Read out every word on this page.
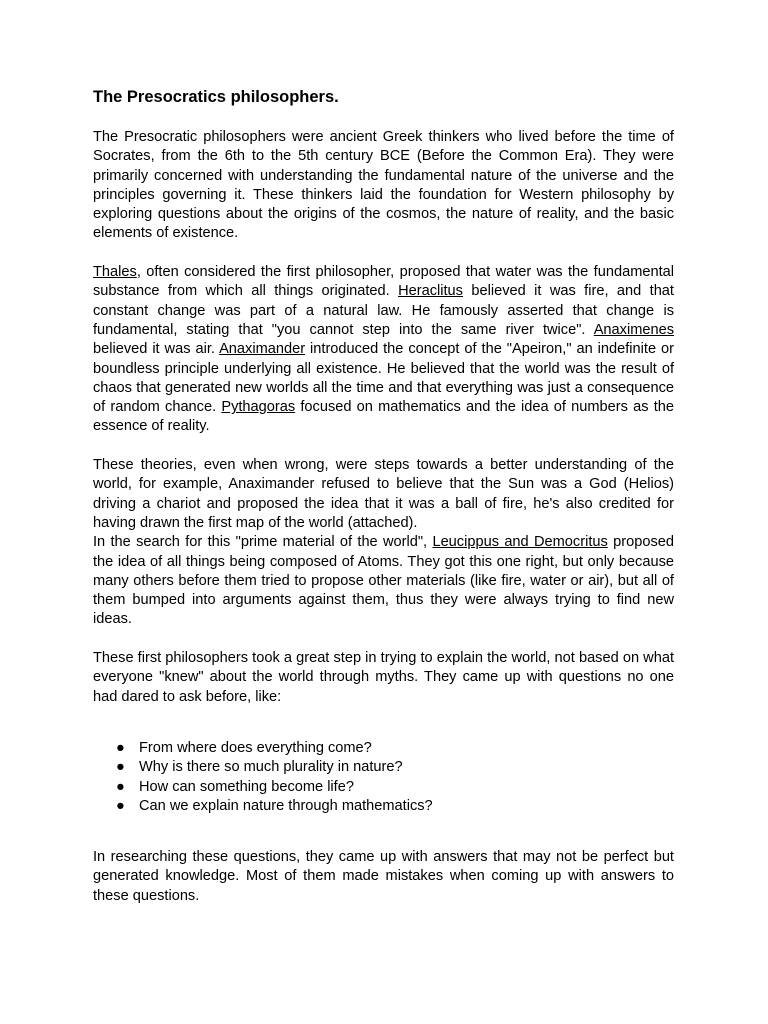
The Presocratics philosophers.

The Presocratic philosophers were ancient Greek thinkers who lived before the time of Socrates, from the 6th to the 5th century BCE (Before the Common Era). They were primarily concerned with understanding the fundamental nature of the universe and the principles governing it. These thinkers laid the foundation for Western philosophy by exploring questions about the origins of the cosmos, the nature of reality, and the basic elements of existence.

Thales, often considered the first philosopher, proposed that water was the fundamental substance from which all things originated. Heraclitus believed it was fire, and that constant change was part of a natural law. He famously asserted that change is fundamental, stating that "you cannot step into the same river twice". Anaximenes believed it was air. Anaximander introduced the concept of the "Apeiron," an indefinite or boundless principle underlying all existence. He believed that the world was the result of chaos that generated new worlds all the time and that everything was just a consequence of random chance. Pythagoras focused on mathematics and the idea of numbers as the essence of reality.

These theories, even when wrong, were steps towards a better understanding of the world, for example, Anaximander refused to believe that the Sun was a God (Helios) driving a chariot and proposed the idea that it was a ball of fire, he's also credited for having drawn the first map of the world (attached).

In the search for this "prime material of the world", Leucippus and Democritus proposed the idea of all things being composed of Atoms. They got this one right, but only because many others before them tried to propose other materials (like fire, water or air), but all of them bumped into arguments against them, thus they were always trying to find new ideas.

These first philosophers took a great step in trying to explain the world, not based on what everyone "knew" about the world through myths. They came up with questions no one had dared to ask before, like:

● From where does everything come?
● Why is there so much plurality in nature?
● How can something become life?
● Can we explain nature through mathematics?

In researching these questions, they came up with answers that may not be perfect but generated knowledge. Most of them made mistakes when coming up with answers to these questions.
